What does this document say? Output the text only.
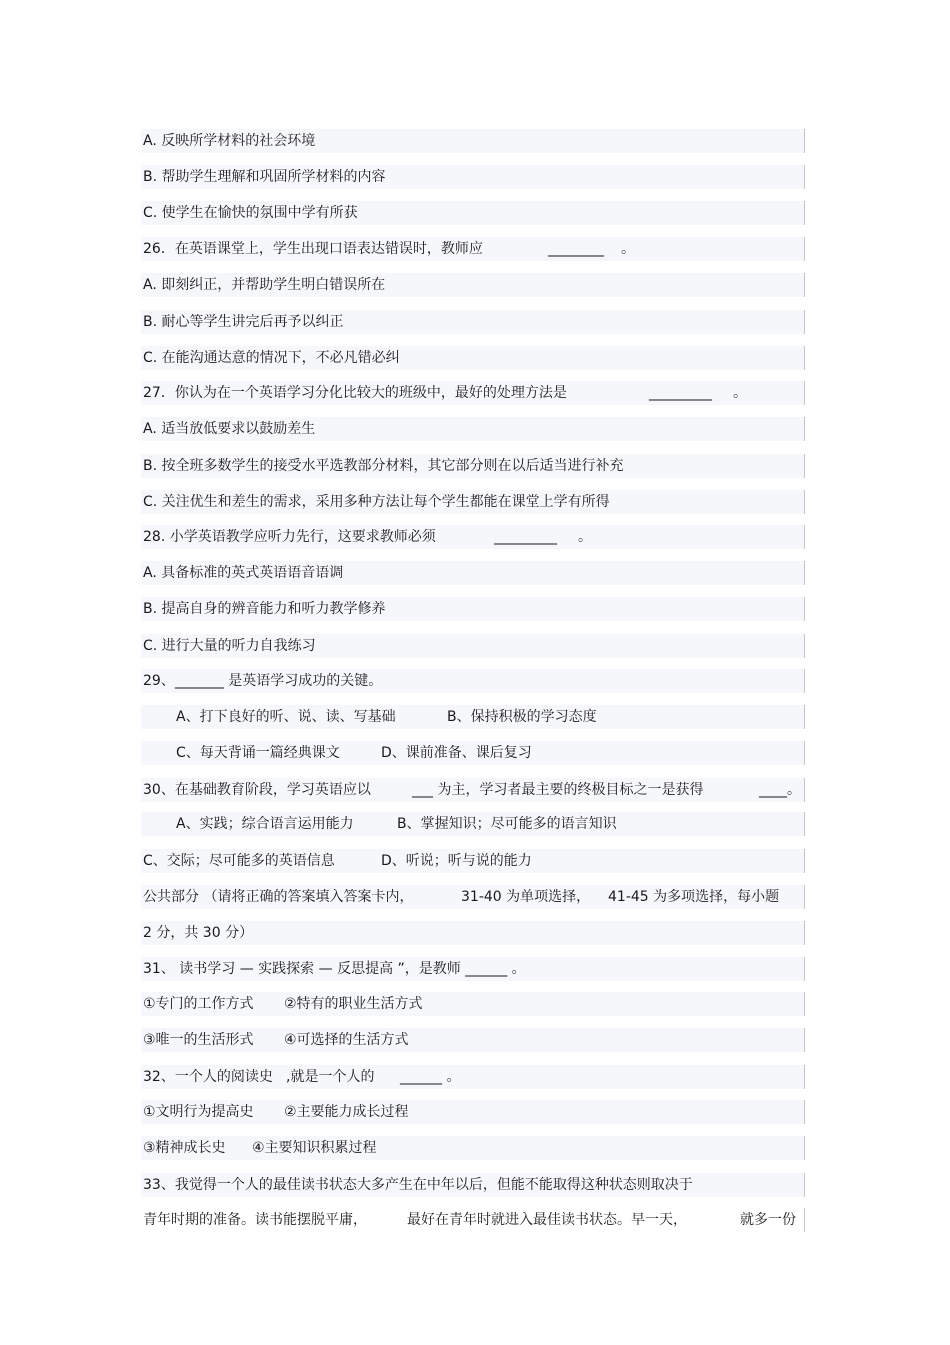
A. 反映所学材料的社会环境
B. 帮助学生理解和巩固所学材料的内容
C. 使学生在愉快的氛围中学有所获
26．在英语课堂上，学生出现口语表达错误时，教师应	________ 。
A. 即刻纠正，并帮助学生明白错误所在
B. 耐心等学生讲完后再予以纠正
C. 在能沟通达意的情况下，不必凡错必纠
27．你认为在一个英语学习分化比较大的班级中，最好的处理方法是	_________ 。
A. 适当放低要求以鼓励差生
B. 按全班多数学生的接受水平选教部分材料，其它部分则在以后适当进行补充
C. 关注优生和差生的需求，采用多种方法让每个学生都能在课堂上学有所得
28. 小学英语教学应听力先行，这要求教师必须	_________ 。
A. 具备标准的英式英语语音语调
B. 提高自身的辨音能力和听力教学修养
C. 进行大量的听力自我练习
29、_______ 是英语学习成功的关键。
A、打下良好的听、说、读、写基础	B、保持积极的学习态度
C、每天背诵一篇经典课文	D、课前准备、课后复习
30、在基础教育阶段，学习英语应以	___ 为主，学习者最主要的终极目标之一是获得	____。
A、实践；综合语言运用能力	B、掌握知识；尽可能多的语言知识
C、交际；尽可能多的英语信息	D、听说；听与说的能力
公共部分 （请将正确的答案填入答案卡内，	31-40 为单项选择， 41-45 为多项选择，每小题
2 分，共 30 分）
31、 读书学习 — 实践探索 — 反思提高 ”，是教师 ______ 。
①专门的工作方式 ②特有的职业生活方式
③唯一的生活形式 ④可选择的生活方式
32、一个人的阅读史 ,就是一个人的 ______ 。
①文明行为提高史 ②主要能力成长过程
③精神成长史 ④主要知识积累过程
33、我觉得一个人的最佳读书状态大多产生在中年以后，但能不能取得这种状态则取决于
青年时期的准备。读书能摆脱平庸，	最好在青年时就进入最佳读书状态。早一天，	就多一份
